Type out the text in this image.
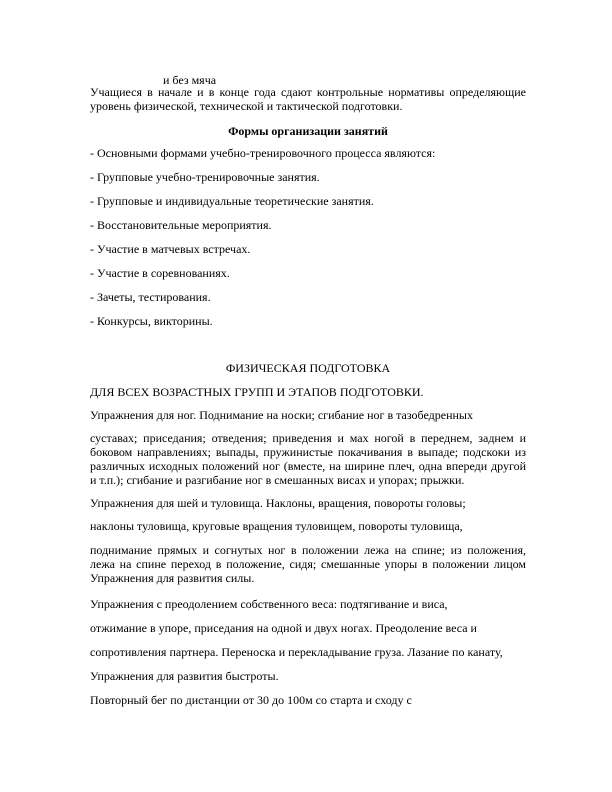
и без мяча
Учащиеся в начале и в конце года сдают контрольные нормативы определяющие уровень физической, технической и тактической подготовки.
Формы организации занятий
- Основными формами учебно-тренировочного процесса являются:
- Групповые учебно-тренировочные занятия.
- Групповые и индивидуальные теоретические занятия.
- Восстановительные мероприятия.
- Участие в матчевых встречах.
- Участие в соревнованиях.
- Зачеты, тестирования.
- Конкурсы, викторины.
ФИЗИЧЕСКАЯ ПОДГОТОВКА
ДЛЯ ВСЕХ ВОЗРАСТНЫХ ГРУПП И ЭТАПОВ ПОДГОТОВКИ.
Упражнения для ног. Поднимание на носки; сгибание ног в тазобедренных
суставах; приседания; отведения; приведения и мах ногой в переднем, заднем и боковом направлениях; выпады, пружинистые покачивания в выпаде; подскоки из различных исходных положений ног (вместе, на ширине плеч, одна впереди другой и т.п.); сгибание и разгибание ног в смешанных висах и упорах; прыжки.
Упражнения для шей и туловища. Наклоны, вращения, повороты головы;
наклоны туловища, круговые вращения туловищем, повороты туловища,
поднимание прямых и согнутых ног в положении лежа на спине; из положения, лежа на спине переход в положение, сидя; смешанные упоры в положении лицом Упражнения для развития силы.
Упражнения с преодолением собственного веса: подтягивание и виса,
отжимание в упоре, приседания на одной и двух ногах. Преодоление веса и
сопротивления партнера. Переноска и перекладывание груза. Лазание по канату,
Упражнения для развития быстроты.
Повторный бег по дистанции от 30 до 100м со старта и сходу с
